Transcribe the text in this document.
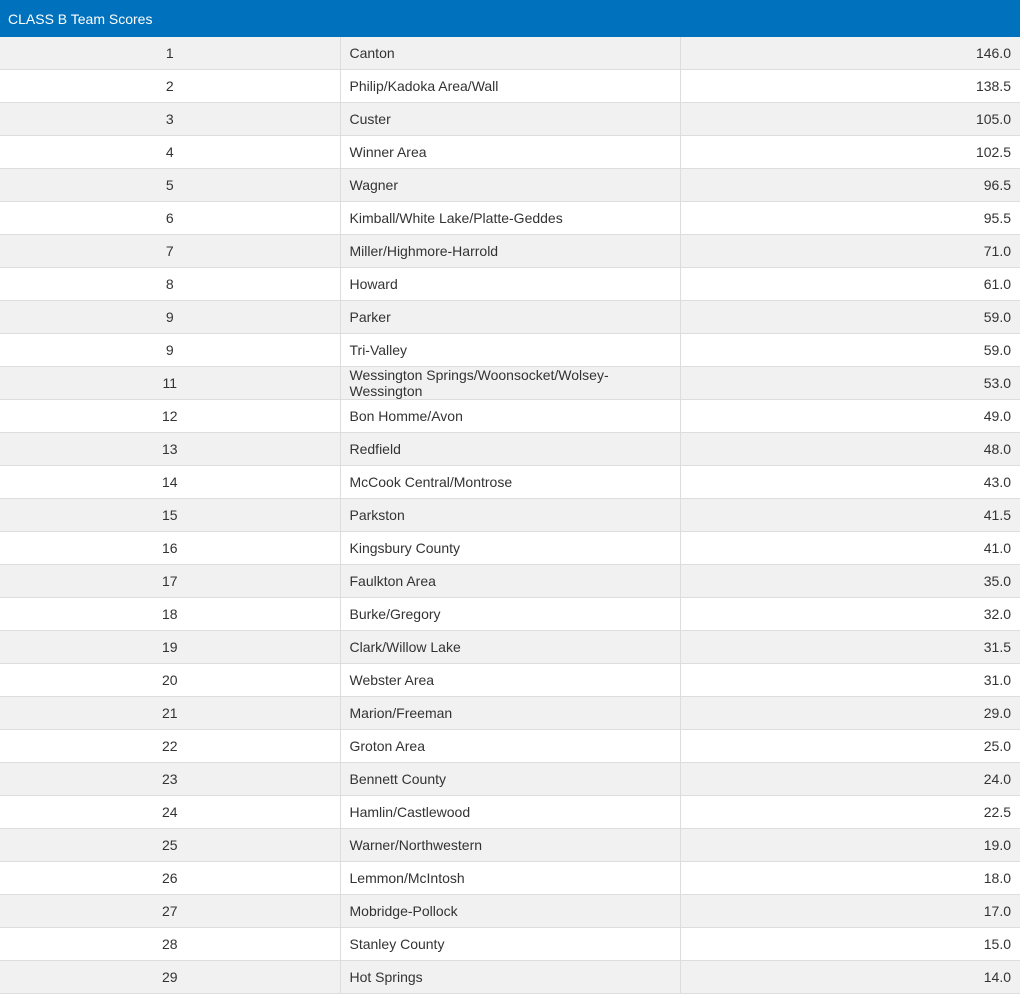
CLASS B Team Scores		
1	Canton	146.0
2	Philip/Kadoka Area/Wall	138.5
3	Custer	105.0
4	Winner Area	102.5
5	Wagner	96.5
6	Kimball/White Lake/Platte-Geddes	95.5
7	Miller/Highmore-Harrold	71.0
8	Howard	61.0
9	Parker	59.0
9	Tri-Valley	59.0
11	Wessington Springs/Woonsocket/Wolsey-Wessington	53.0
12	Bon Homme/Avon	49.0
13	Redfield	48.0
14	McCook Central/Montrose	43.0
15	Parkston	41.5
16	Kingsbury County	41.0
17	Faulkton Area	35.0
18	Burke/Gregory	32.0
19	Clark/Willow Lake	31.5
20	Webster Area	31.0
21	Marion/Freeman	29.0
22	Groton Area	25.0
23	Bennett County	24.0
24	Hamlin/Castlewood	22.5
25	Warner/Northwestern	19.0
26	Lemmon/McIntosh	18.0
27	Mobridge-Pollock	17.0
28	Stanley County	15.0
29	Hot Springs	14.0
